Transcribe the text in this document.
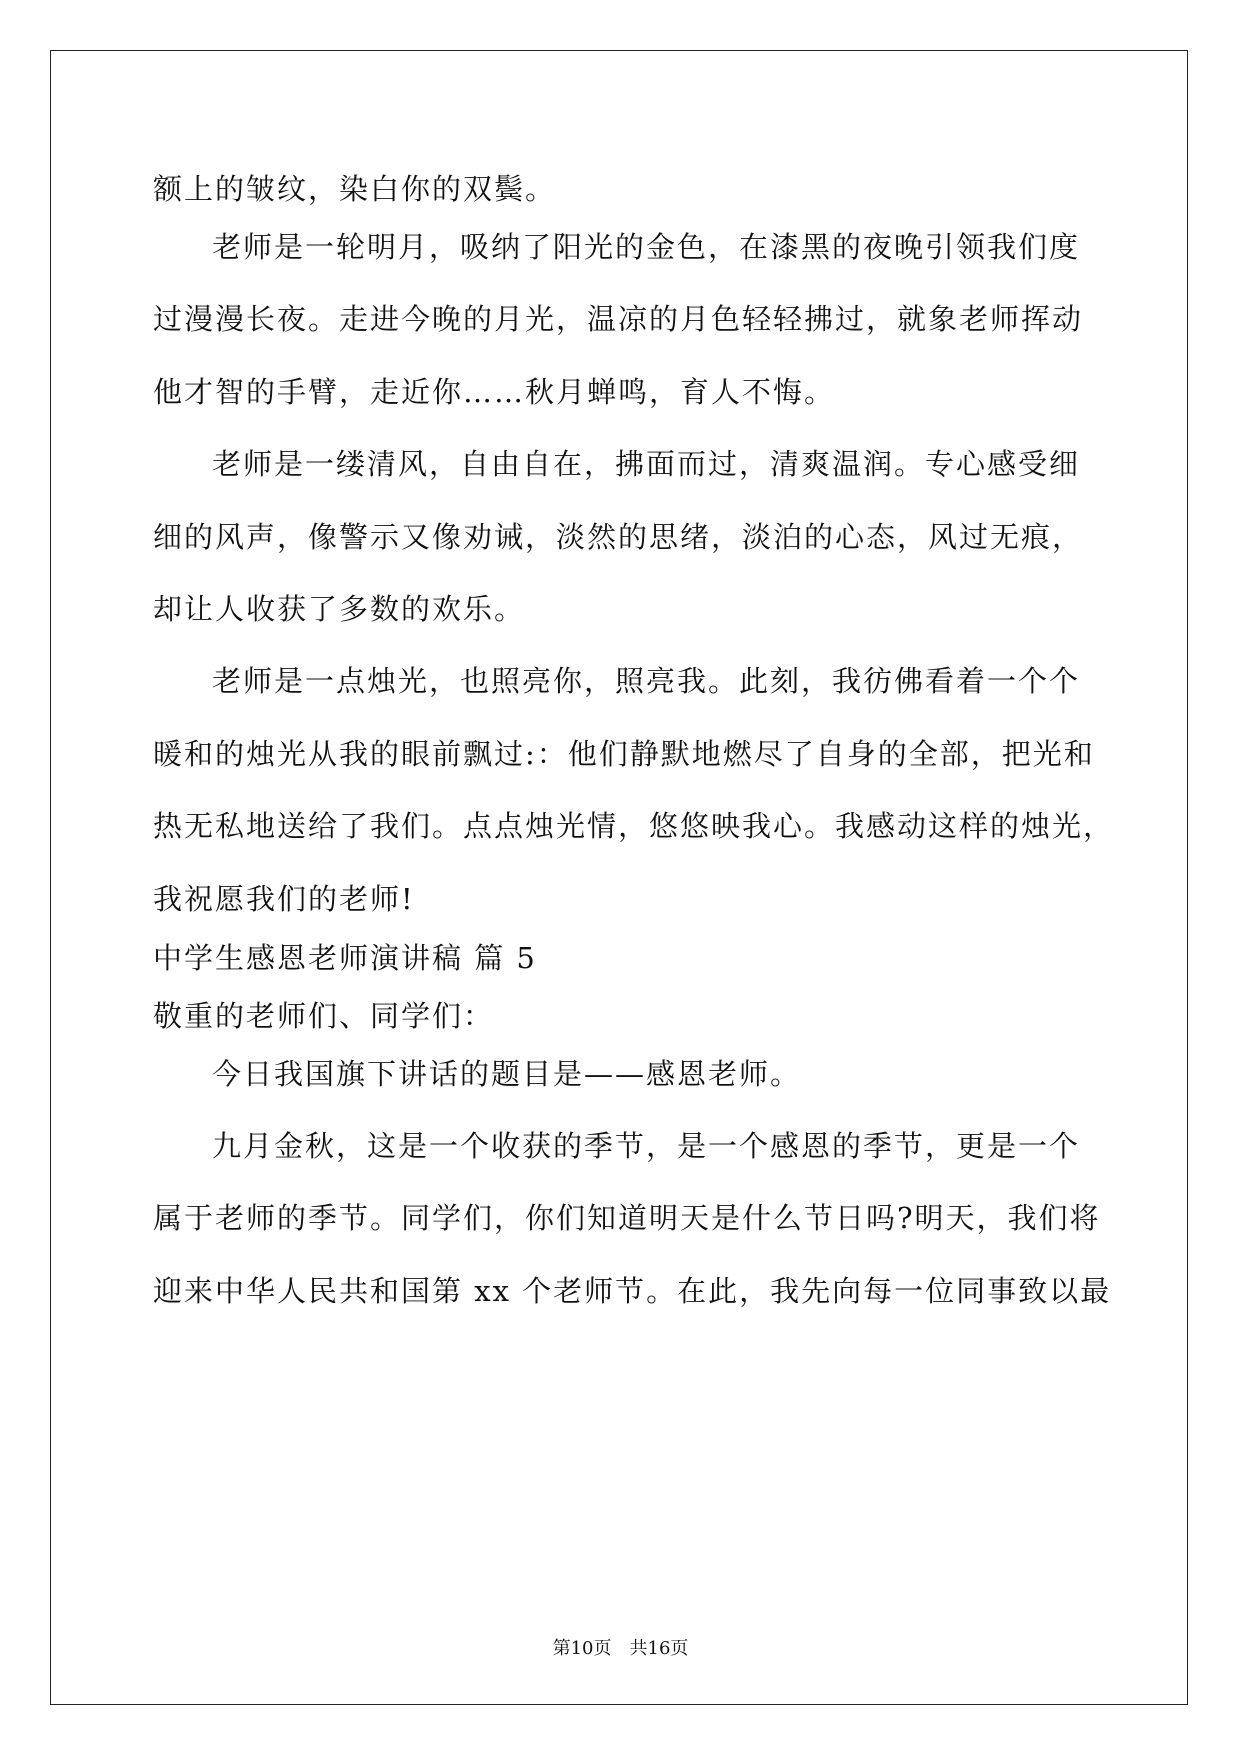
额上的皱纹，染白你的双鬓。
老师是一轮明月，吸纳了阳光的金色，在漆黑的夜晚引领我们度
过漫漫长夜。走进今晚的月光，温凉的月色轻轻拂过，就象老师挥动
他才智的手臂，走近你……秋月蝉鸣，育人不悔。
老师是一缕清风，自由自在，拂面而过，清爽温润。专心感受细
细的风声，像警示又像劝诫，淡然的思绪，淡泊的心态，风过无痕，
却让人收获了多数的欢乐。
老师是一点烛光，也照亮你，照亮我。此刻，我彷佛看着一个个
暖和的烛光从我的眼前飘过:：他们静默地燃尽了自身的全部，把光和
热无私地送给了我们。点点烛光情，悠悠映我心。我感动这样的烛光，
我祝愿我们的老师!
中学生感恩老师演讲稿 篇 5
敬重的老师们、同学们：
今日我国旗下讲话的题目是——感恩老师。
九月金秋，这是一个收获的季节，是一个感恩的季节，更是一个
属于老师的季节。同学们，你们知道明天是什么节日吗?明天，我们将
迎来中华人民共和国第 xx 个老师节。在此，我先向每一位同事致以最
第10页　共16页
